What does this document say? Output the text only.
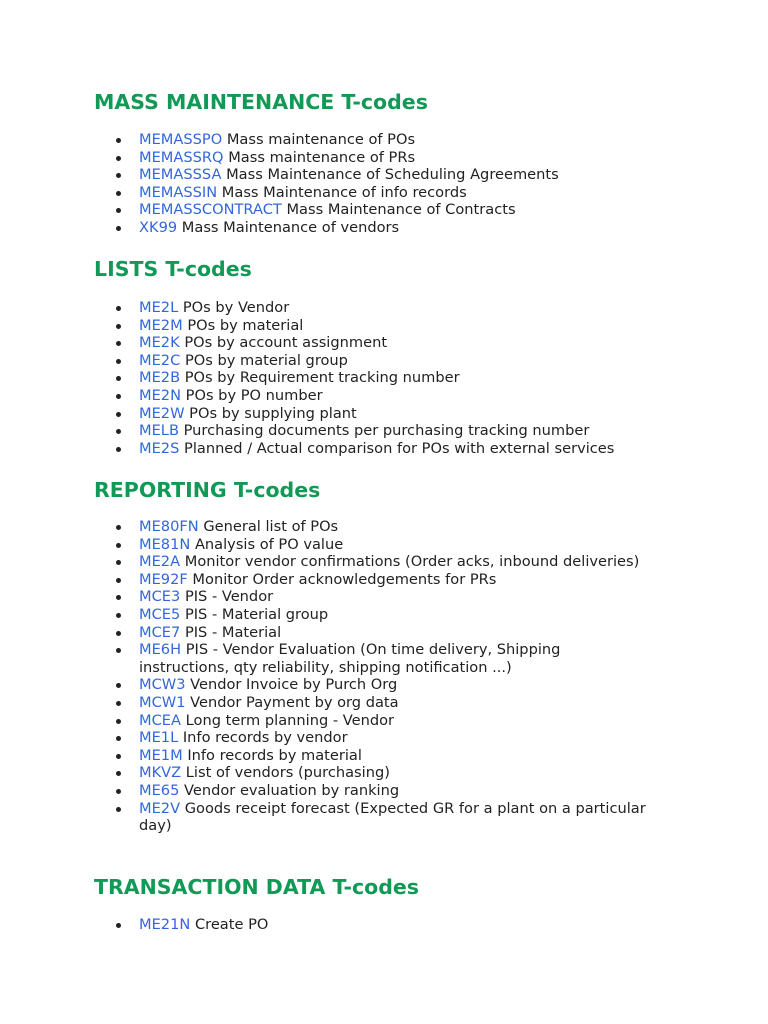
MASS MAINTENANCE T-codes
MEMASSPO Mass maintenance of POs
MEMASSRQ Mass maintenance of PRs
MEMASSSA Mass Maintenance of Scheduling Agreements
MEMASSIN Mass Maintenance of info records
MEMASSCONTRACT Mass Maintenance of Contracts
XK99 Mass Maintenance of vendors
LISTS T-codes
ME2L POs by Vendor
ME2M POs by material
ME2K POs by account assignment
ME2C POs by material group
ME2B POs by Requirement tracking number
ME2N POs by PO number
ME2W POs by supplying plant
MELB Purchasing documents per purchasing tracking number
ME2S Planned / Actual comparison for POs with external services
REPORTING T-codes
ME80FN General list of POs
ME81N Analysis of PO value
ME2A Monitor vendor confirmations (Order acks, inbound deliveries)
ME92F Monitor Order acknowledgements for PRs
MCE3 PIS - Vendor
MCE5 PIS - Material group
MCE7 PIS - Material
ME6H PIS - Vendor Evaluation (On time delivery, Shipping instructions, qty reliability, shipping notification ...)
MCW3 Vendor Invoice by Purch Org
MCW1 Vendor Payment by org data
MCEA Long term planning - Vendor
ME1L Info records by vendor
ME1M Info records by material
MKVZ List of vendors (purchasing)
ME65 Vendor evaluation by ranking
ME2V Goods receipt forecast (Expected GR for a plant on a particular day)
TRANSACTION DATA T-codes
ME21N Create PO
